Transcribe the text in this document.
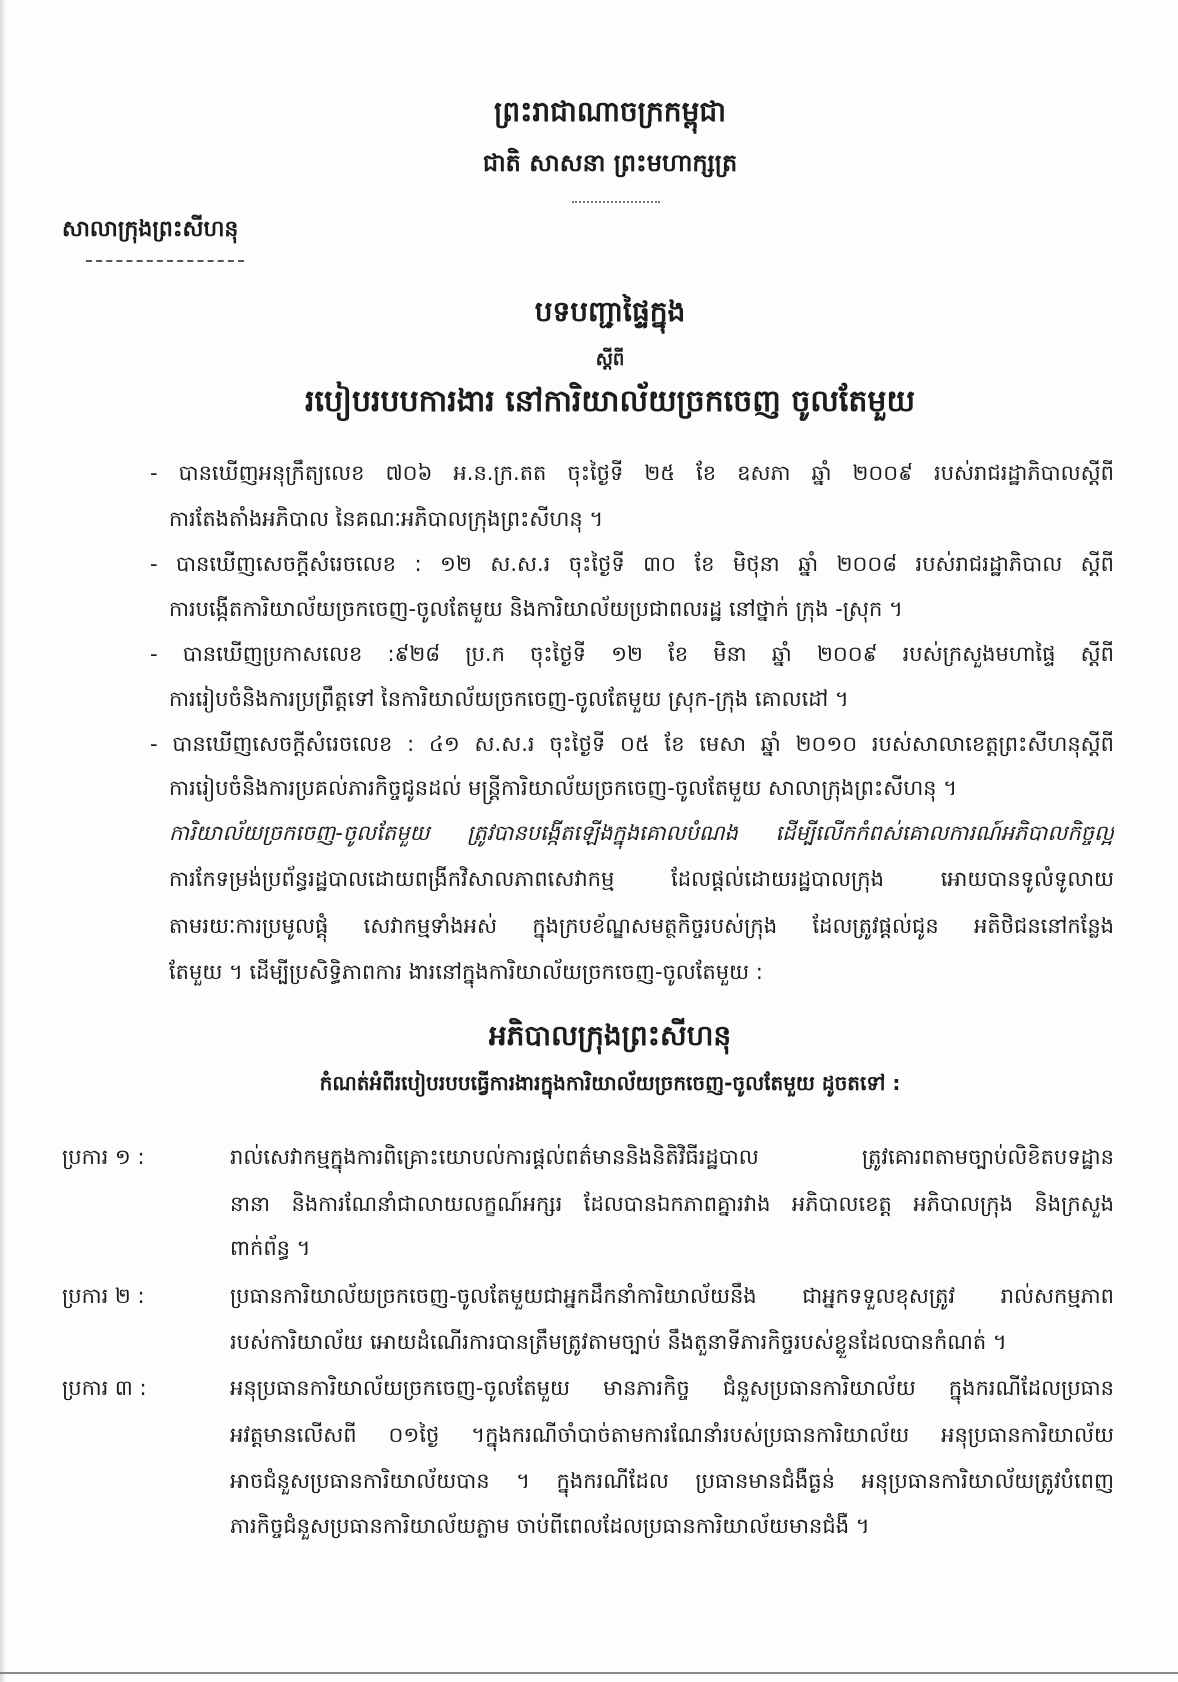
ព្រះរាជាណាចក្រកម្ពុជា
ជាតិ សាសនា ព្រះមហាក្សត្រ
សាលាក្រុងព្រះសីហនុ
បទបញ្ជាផ្ទៃក្នុង
ស្តីពី
របៀបរបបការងារ នៅការិយាល័យច្រកចេញ ចូលតែមួយ
- បានឃើញអនុក្រឹត្យលេខ ៧០៦ អ.ន.ក្រ.តត ចុះថ្ងៃទី ២៥ ខែ ឧសភា ឆ្នាំ ២០០៩ របស់រាជរដ្ឋាភិបាលស្តីពី
ការតែងតាំងអភិបាល នៃគណៈអភិបាលក្រុងព្រះសីហនុ ។
- បានឃើញសេចក្តីសំរេចលេខ : ១២ ស.ស.រ ចុះថ្ងៃទី ៣០ ខែ មិថុនា ឆ្នាំ ២០០៨ របស់រាជរដ្ឋាភិបាល ស្តីពី
ការបង្កើតការិយាល័យច្រកចេញ-ចូលតែមួយ និងការិយាល័យប្រជាពលរដ្ឋ នៅថ្នាក់ ក្រុង -ស្រុក ។
- បានឃើញប្រកាសលេខ :៩២៨ ប្រ.ក ចុះថ្ងៃទី ១២ ខែ មិនា ឆ្នាំ ២០០៩ របស់ក្រសួងមហាផ្ទៃ ស្តីពី
ការរៀបចំនិងការប្រព្រឹត្តទៅ នៃការិយាល័យច្រកចេញ-ចូលតែមួយ ស្រុក-ក្រុង គោលដៅ ។
- បានឃើញសេចក្តីសំរេចលេខ : ៤១ ស.ស.រ ចុះថ្ងៃទី ០៥ ខែ មេសា ឆ្នាំ ២០១០ របស់សាលាខេត្តព្រះសីហនុស្តីពី
ការរៀបចំនិងការប្រគល់ភារកិច្ចជូនដល់ មន្ត្រីការិយាល័យច្រកចេញ-ចូលតែមួយ សាលាក្រុងព្រះសីហនុ ។
ការិយាល័យច្រកចេញ-ចូលតែមួយ ត្រូវបានបង្កើតឡើងក្នុងគោលបំណង ដើម្បីលើកកំពស់គោលការណ៍អភិបាលកិច្ចល្អ
ការកែទម្រង់ប្រព័ន្ធរដ្ឋបាលដោយពង្រីកវិសាលភាពសេវាកម្ម ដែលផ្តល់ដោយរដ្ឋបាលក្រុង អោយបានទូលំទូលាយ
តាមរយៈការប្រមូលផ្តុំ សេវាកម្មទាំងអស់ ក្នុងក្របខ័ណ្ឌសមត្ថកិច្ចរបស់ក្រុង ដែលត្រូវផ្តល់ជូន អតិថិជននៅកន្លែង
តែមួយ ។ ដើម្បីប្រសិទ្ធិភាពការ ងារនៅក្នុងការិយាល័យច្រកចេញ-ចូលតែមួយ :
អភិបាលក្រុងព្រះសីហនុ
កំណត់អំពីរបៀបរបបធ្វើការងារក្នុងការិយាល័យច្រកចេញ-ចូលតែមួយ ដូចតទៅ :
ប្រការ ១ :	រាល់សេវាកម្មក្នុងការពិគ្រោះយោបល់ការផ្តល់ពត៌មាននិងនិតិវិធីរដ្ឋបាល ត្រូវគោរពតាមច្បាប់លិខិតបទដ្ឋាន
នានា និងការណែនាំជាលាយលក្ខណ៍អក្សរ ដែលបានឯកភាពគ្នារវាង អភិបាលខេត្ត អភិបាលក្រុង និងក្រសួង
ពាក់ព័ន្ធ ។
ប្រការ ២ :	ប្រធានការិយាល័យច្រកចេញ-ចូលតែមួយជាអ្នកដឹកនាំការិយាល័យនឹង ជាអ្នកទទួលខុសត្រូវ រាល់សកម្មភាព
របស់ការិយាល័យ អោយដំណើរការបានត្រឹមត្រូវតាមច្បាប់ នឹងតួនាទីភារកិច្ចរបស់ខ្លួនដែលបានកំណត់ ។
ប្រការ ៣ :	អនុប្រធានការិយាល័យច្រកចេញ-ចូលតែមួយ មានភារកិច្ច ជំនួសប្រធានការិយាល័យ ក្នុងករណីដែលប្រធាន
អវត្តមានលើសពី ០១ថ្ងៃ ។ក្នុងករណីចាំបាច់តាមការណែនាំរបស់ប្រធានការិយាល័យ អនុប្រធានការិយាល័យ
អាចជំនួសប្រធានការិយាល័យបាន ។ ក្នុងករណីដែល ប្រធានមានជំងឺធ្ងន់ អនុប្រធានការិយាល័យត្រូវបំពេញ
ភារកិច្ចជំនួសប្រធានការិយាល័យភ្លាម ចាប់ពីពេលដែលប្រធានការិយាល័យមានជំងឺ ។
